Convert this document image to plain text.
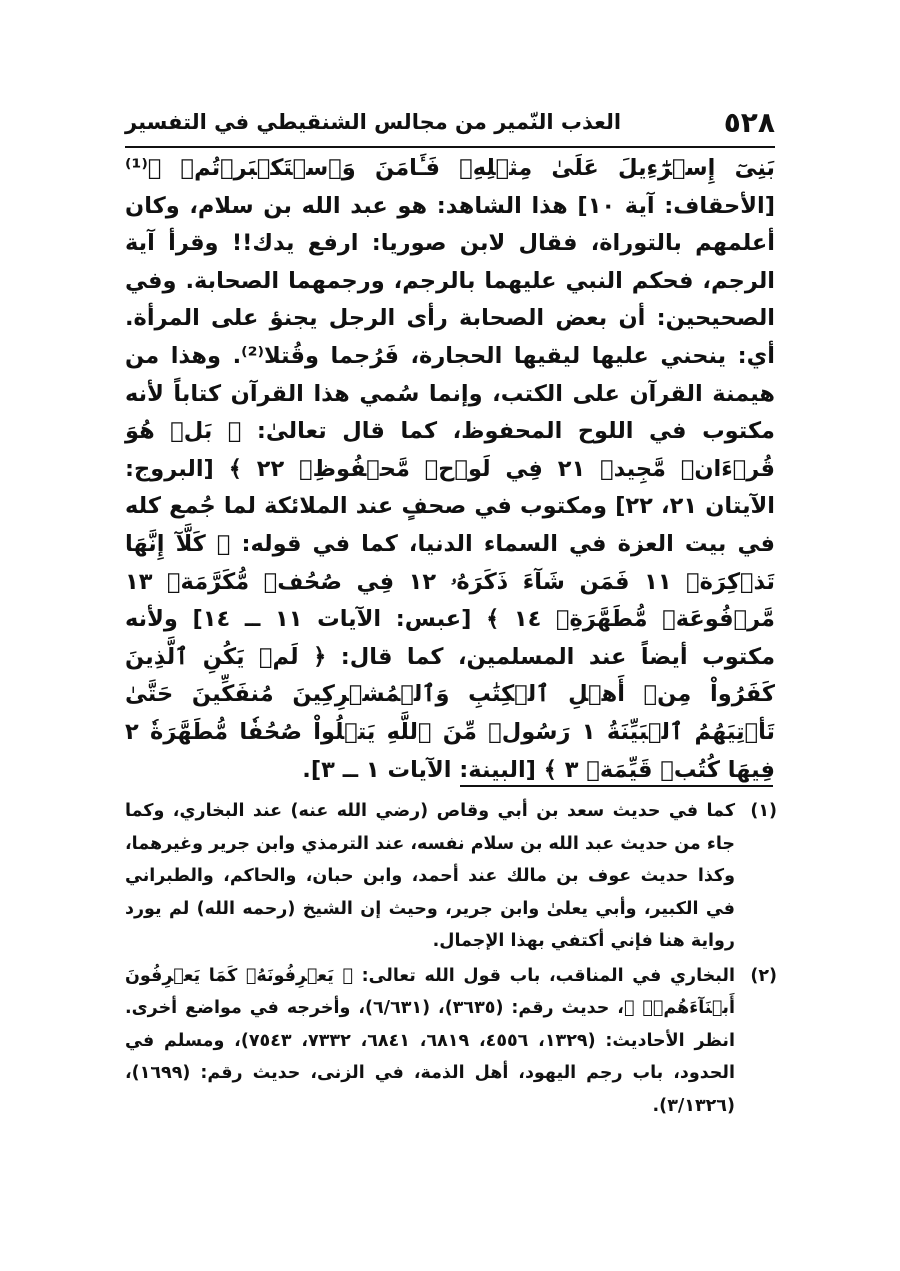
٥٢٨
العذب النّمير من مجالس الشنقيطي في التفسير

بَنِىٓ إِسۡرَٰٓءِيلَ عَلَىٰ مِثۡلِهِۦ فَـَٔامَنَ وَٱسۡتَكۡبَرۡتُمۡ ﴾⁽¹⁾ [الأحقاف: آية ١٠] هذا الشاهد: هو عبد الله بن سلام، وكان أعلمهم بالتوراة، فقال لابن صوريا: ارفع يدك!! وقرأ آية الرجم، فحكم النبي عليهما بالرجم، ورجمهما الصحابة. وفي الصحيحين: أن بعض الصحابة رأى الرجل يجنؤ على المرأة. أي: ينحني عليها ليقيها الحجارة، فَرُجما وقُتلا⁽²⁾. وهذا من هيمنة القرآن على الكتب، وإنما سُمي هذا القرآن كتاباً لأنه مكتوب في اللوح المحفوظ، كما قال تعالىٰ: ﴿ بَلۡ هُوَ قُرۡءَانٞ مَّجِيدٞ ٢١ فِي لَوۡحٖ مَّحۡفُوظِۭ ٢٢ ﴾ [البروج: الآيتان ٢١، ٢٢] ومكتوب في صحفٍ عند الملائكة لما جُمع كله في بيت العزة في السماء الدنيا، كما في قوله: ﴿ كَلَّآ إِنَّهَا تَذۡكِرَةٞ ١١ فَمَن شَآءَ ذَكَرَهُۥ ١٢ فِي صُحُفٖ مُّكَرَّمَةٖ ١٣ مَّرۡفُوعَةٖ مُّطَهَّرَةِۭ ١٤ ﴾ [عبس: الآيات ١١ ــ ١٤] ولأنه مكتوب أيضاً عند المسلمين، كما قال: ﴿ لَمۡ يَكُنِ ٱلَّذِينَ كَفَرُواْ مِنۡ أَهۡلِ ٱلۡكِتَٰبِ وَٱلۡمُشۡرِكِينَ مُنفَكِّينَ حَتَّىٰ تَأۡتِيَهُمُ ٱلۡبَيِّنَةُ ١ رَسُولٞ مِّنَ ٱللَّهِ يَتۡلُواْ صُحُفٗا مُّطَهَّرَةٗ ٢ فِيهَا كُتُبٞ قَيِّمَةٞ ٣ ﴾ [البينة: الآيات ١ ــ ٣].

(١)
كما في حديث سعد بن أبي وقاص (رضي الله عنه) عند البخاري، وكما جاء من حديث عبد الله بن سلام نفسه، عند الترمذي وابن جرير وغيرهما، وكذا حديث عوف بن مالك عند أحمد، وابن حبان، والحاكم، والطبراني في الكبير، وأبي يعلىٰ وابن جرير، وحيث إن الشيخ (رحمه الله) لم يورد رواية هنا فإني أكتفي بهذا الإجمال.
(٢)
البخاري في المناقب، باب قول الله تعالى: ﴿ يَعۡرِفُونَهُۥ كَمَا يَعۡرِفُونَ أَبۡنَآءَهُمۡۖ ﴾، حديث رقم: (٣٦٣٥)، (٦/٦٣١)، وأخرجه في مواضع أخرى. انظر الأحاديث: (١٣٢٩، ٤٥٥٦، ٦٨١٩، ٦٨٤١، ٧٣٣٢، ٧٥٤٣)، ومسلم في الحدود، باب رجم اليهود، أهل الذمة، في الزنى، حديث رقم: (١٦٩٩)، (٣/١٣٢٦).
